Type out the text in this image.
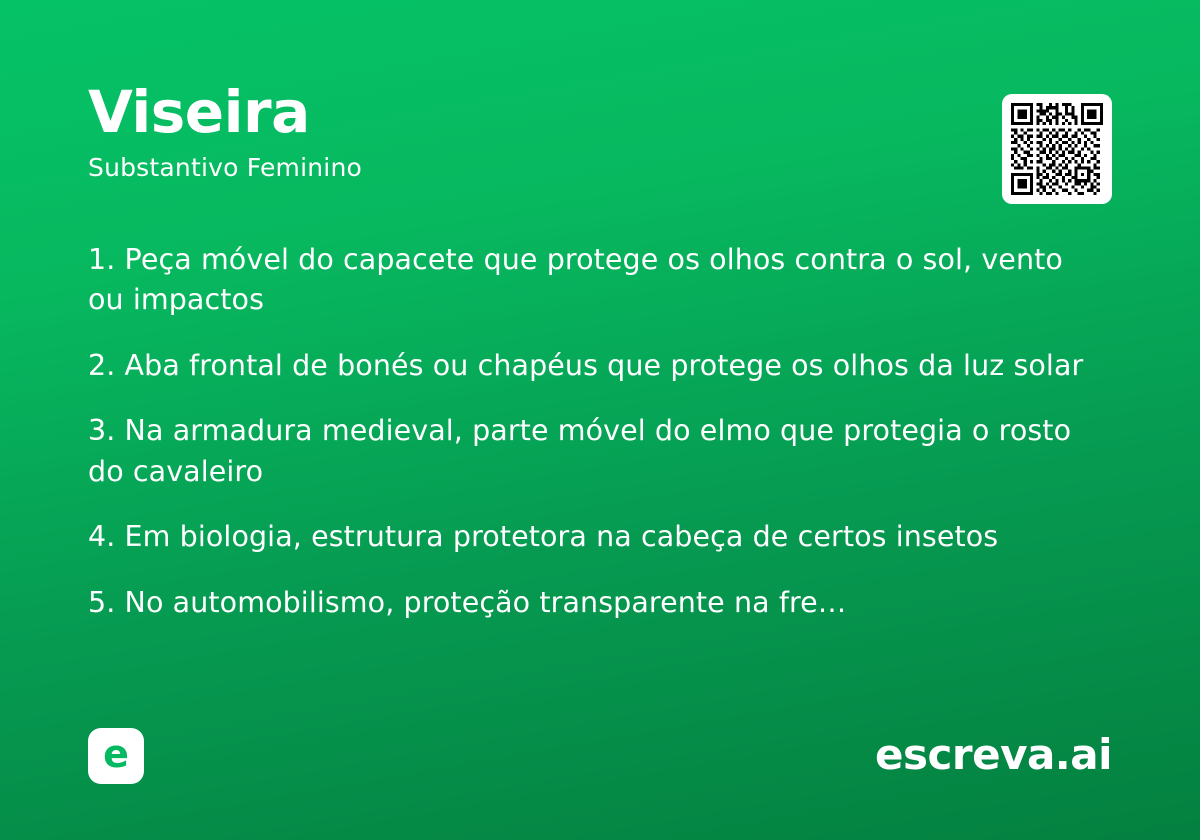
Viseira
Substantivo Feminino
1. Peça móvel do capacete que protege os olhos contra o sol, vento ou impactos
2. Aba frontal de bonés ou chapéus que protege os olhos da luz solar
3. Na armadura medieval, parte móvel do elmo que protegia o rosto do cavaleiro
4. Em biologia, estrutura protetora na cabeça de certos insetos
5. No automobilismo, proteção transparente na fre…
e	escreva.ai
